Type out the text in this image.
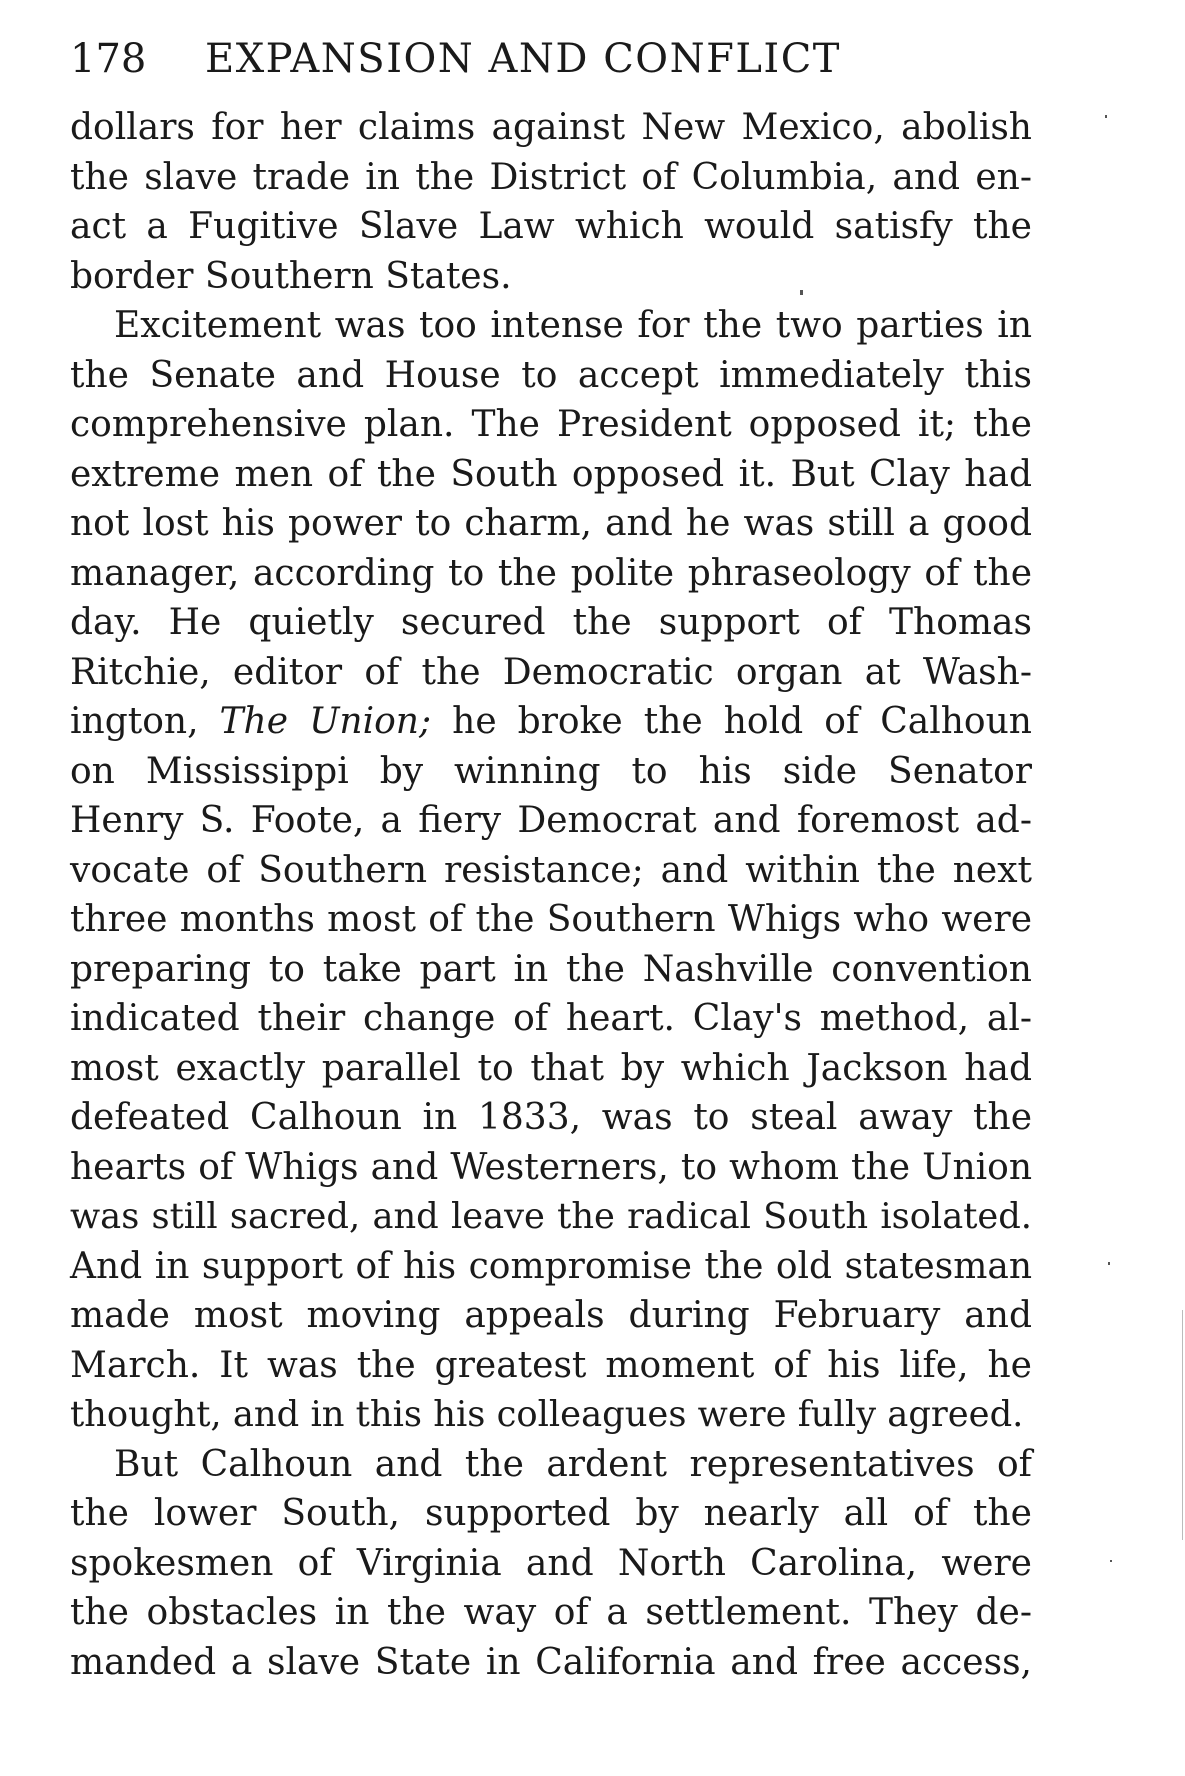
178 EXPANSION AND CONFLICT
dollars for her claims against New Mexico, abolish
the slave trade in the District of Columbia, and en-
act a Fugitive Slave Law which would satisfy the
border Southern States.
Excitement was too intense for the two parties in
the Senate and House to accept immediately this
comprehensive plan. The President opposed it; the
extreme men of the South opposed it. But Clay had
not lost his power to charm, and he was still a good
manager, according to the polite phraseology of the
day. He quietly secured the support of Thomas
Ritchie, editor of the Democratic organ at Wash-
ington, The Union; he broke the hold of Calhoun
on Mississippi by winning to his side Senator
Henry S. Foote, a fiery Democrat and foremost ad-
vocate of Southern resistance; and within the next
three months most of the Southern Whigs who were
preparing to take part in the Nashville convention
indicated their change of heart. Clay's method, al-
most exactly parallel to that by which Jackson had
defeated Calhoun in 1833, was to steal away the
hearts of Whigs and Westerners, to whom the Union
was still sacred, and leave the radical South isolated.
And in support of his compromise the old statesman
made most moving appeals during February and
March. It was the greatest moment of his life, he
thought, and in this his colleagues were fully agreed.
But Calhoun and the ardent representatives of
the lower South, supported by nearly all of the
spokesmen of Virginia and North Carolina, were
the obstacles in the way of a settlement. They de-
manded a slave State in California and free access,
